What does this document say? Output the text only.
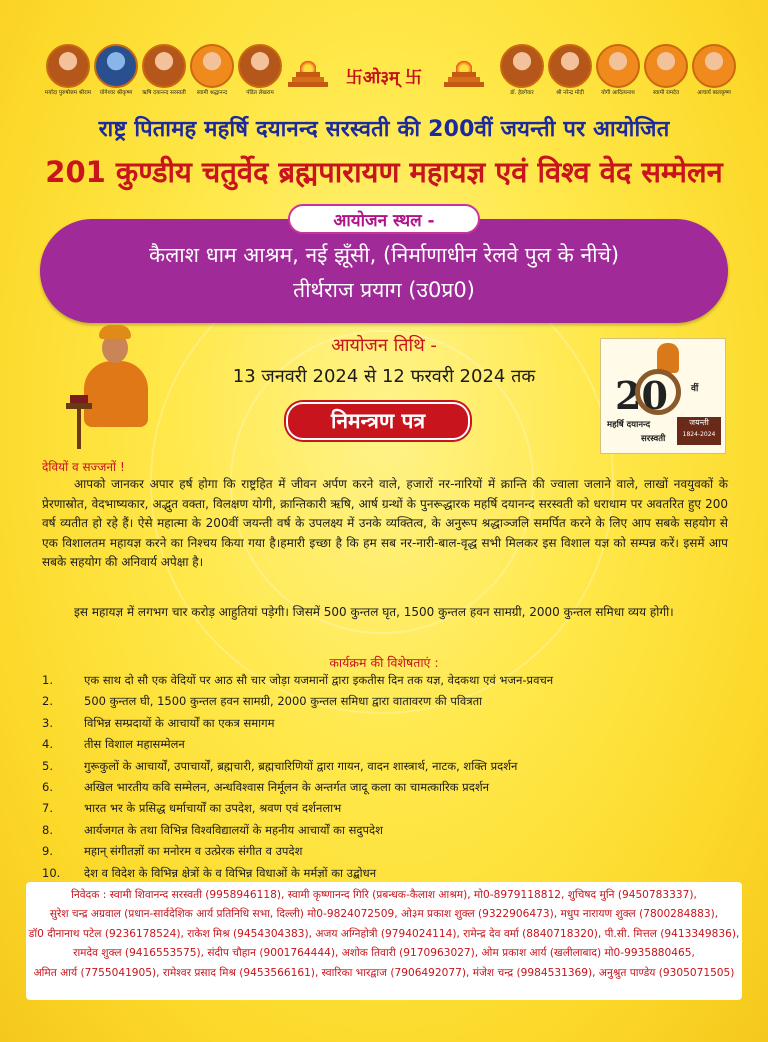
मर्यादा पुरुषोत्तम श्रीराम	योगेश्वर श्रीकृष्ण	ऋषि दयानन्द सरस्वती	स्वामी श्रद्धानन्द	पंडित लेखराम	डॉ. हेडगेवार	श्री नरेन्द्र मोदी	योगी आदित्यनाथ	स्वामी रामदेव	आचार्य बालकृष्ण
卐ओ३म् 卐
राष्ट्र पितामह महर्षि दयानन्द सरस्वती की 200वीं जयन्ती पर आयोजित
201 कुण्डीय चतुर्वेद ब्रह्मपारायण महायज्ञ एवं विश्व वेद सम्मेलन
कैलाश धाम आश्रम, नई झूँसी, (निर्माणाधीन रेलवे पुल के नीचे)
तीर्थराज प्रयाग (उ0प्र0)
आयोजन स्थल -
आयोजन तिथि -
13 जनवरी 2024 से 12 फरवरी 2024 तक
निमन्त्रण पत्र
20	वीं
महर्षि दयानन्द
सरस्वती
जयन्ती
1824-2024
देवियों व सज्जनों !

आपको जानकर अपार हर्ष होगा कि राष्ट्रहित में जीवन अर्पण करने वाले, हजारों नर-नारियों में क्रान्ति की ज्वाला जलाने वाले, लाखों नवयुवकों के प्रेरणास्रोत, वेदभाष्यकार, अद्भुत वक्ता, विलक्षण योगी, क्रान्तिकारी ऋषि, आर्ष ग्रन्थों के पुनरूद्धारक महर्षि दयानन्द सरस्वती को धराधाम पर अवतरित हुए 200 वर्ष व्यतीत हो रहे हैं। ऐसे महात्मा के 200वीं जयन्ती वर्ष के उपलक्ष्य में उनके व्यक्तित्व, के अनुरूप श्रद्धाञ्जलि समर्पित करने के लिए आप सबके सहयोग से एक विशालतम महायज्ञ करने का निश्चय किया गया है।हमारी इच्छा है कि हम सब नर-नारी-बाल-वृद्ध सभी मिलकर इस विशाल यज्ञ को सम्पन्न करें। इसमें आप सबके सहयोग की अनिवार्य अपेक्षा है।

इस महायज्ञ में लगभग चार करोड़ आहुतियां पड़ेगी। जिसमें 500 कुन्तल घृत, 1500 कुन्तल हवन सामग्री, 2000 कुन्तल समिधा व्यय होगी।

कार्यक्रम की विशेषताएं :
1.	एक साथ दो सौ एक वेदियों पर आठ सौ चार जोड़ा यजमानों द्वारा इकतीस दिन तक यज्ञ, वेदकथा एवं भजन-प्रवचन
2.	500 कुन्तल घी, 1500 कुन्तल हवन सामग्री, 2000 कुन्तल समिधा द्वारा वातावरण की पवित्रता
3.	विभिन्न सम्प्रदायों के आचार्यों का एकत्र समागम
4.	तीस विशाल महासम्मेलन
5.	गुरूकुलों के आचार्यों, उपाचार्यों, ब्रह्मचारी, ब्रह्मचारिणियों द्वारा गायन, वादन शास्त्रार्थ, नाटक, शक्ति प्रदर्शन
6.	अखिल भारतीय कवि सम्मेलन, अन्धविश्वास निर्मूलन के अन्तर्गत जादू कला का चामत्कारिक प्रदर्शन
7.	भारत भर के प्रसिद्ध धर्माचार्यों का उपदेश, श्रवण एवं दर्शनलाभ
8.	आर्यजगत के तथा विभिन्न विश्वविद्यालयों के महनीय आचार्यों का सदुपदेश
9.	महान् संगीतज्ञों का मनोरम व उत्प्रेरक संगीत व उपदेश
10.	देश व विदेश के विभिन्न क्षेत्रों के व विभिन्न विधाओं के मर्मज्ञों का उद्बोधन

निवेदक : स्वामी शिवानन्द सरस्वती (9958946118), स्वामी कृष्णानन्द गिरि (प्रबन्धक-कैलाश आश्रम), मो0-8979118812, शुचिषद मुनि (9450783337),

सुरेश चन्द्र अग्रवाल (प्रधान-सार्वदेशिक आर्य प्रतिनिधि सभा, दिल्ली) मो0-9824072509, ओ३म प्रकाश शुक्ल (9322906473), मधुप नारायण शुक्ल (7800284883),

डॉ0 दीनानाथ पटेल (9236178524), राकेश मिश्र (9454304383), अजय अग्निहोत्री (9794024114), रामेन्द्र देव वर्मा (8840718320), पी.सी. मित्तल (9413349836),

रामदेव शुक्ल (9416553575), संदीप चौहान (9001764444), अशोक तिवारी (9170963027), ओम प्रकाश आर्य (खलीलाबाद) मो0-9935880465,

अमित आर्य (7755041905), रामेश्वर प्रसाद मिश्र (9453566161), स्वारिका भारद्वाज (7906492077), मंजेश चन्द्र (9984531369), अनुश्रुत पाण्डेय (9305071505)
